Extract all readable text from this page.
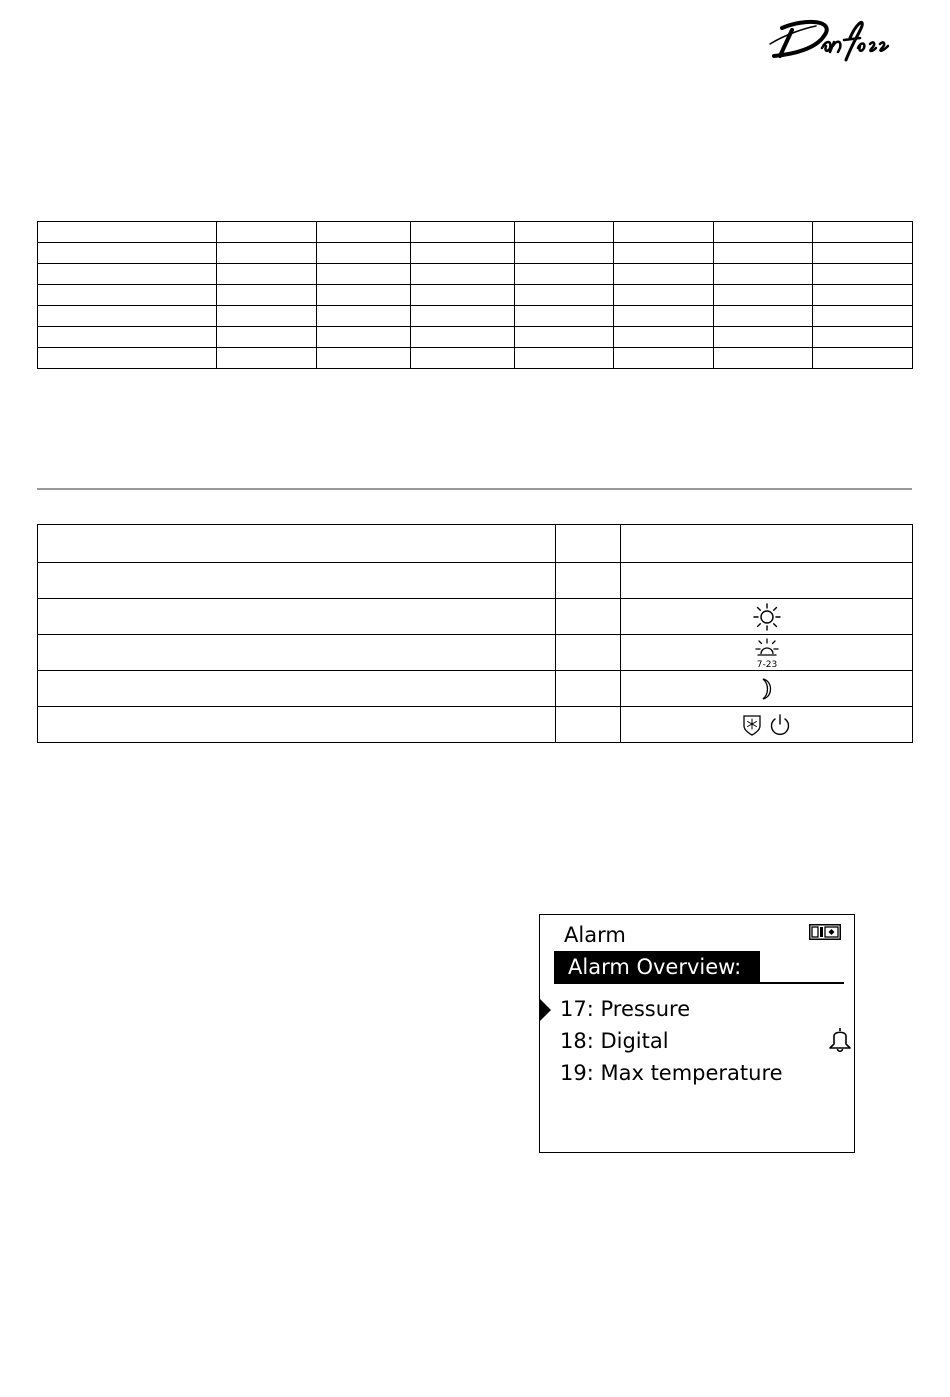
7-23

Alarm
Alarm Overview:
17: Pressure
18: Digital
19: Max temperature
